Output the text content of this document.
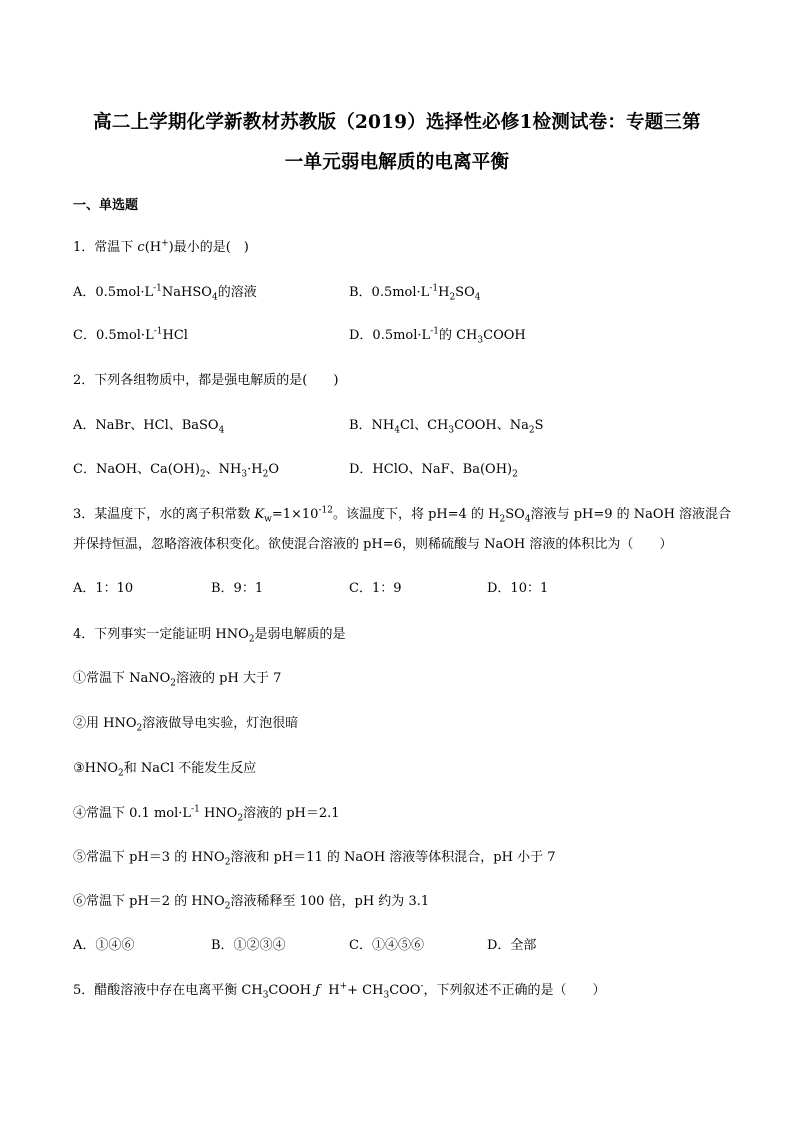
高二上学期化学新教材苏教版（2019）选择性必修1检测试卷：专题三第
一单元弱电解质的电离平衡
一、单选题
1．常温下 c(H+)最小的是(　)
A．$0.5mol\cdot L^{-1}NaHSO_4$的溶液	B．$0.5mol\cdot L^{-1}H_2SO_4$
C．$0.5mol\cdot L^{-1}HCl$	D．$0.5mol\cdot L^{-1}$的 $CH_3COOH$
2．下列各组物质中，都是强电解质的是(　　)
A．NaBr、HCl、BaSO$_4$	B．$NH_4Cl$、$CH_3COOH$、$Na_2S$
C．NaOH、$Ca(OH)_2$、$NH_3\cdot H_2O$	D．HClO、NaF、$Ba(OH)_2$
3．某温度下，水的离子积常数 $K_w=1\times 10^{-12}$。该温度下，将 pH=4 的 $H_2SO_4$溶液与 pH=9 的 NaOH 溶液混合
并保持恒温，忽略溶液体积变化。欲使混合溶液的 pH=6，则稀硫酸与 NaOH 溶液的体积比为（　　）
A．1：10	B．9：1	C．1：9	D．10：1
4．下列事实一定能证明 $HNO_2$是弱电解质的是
①常温下 NaNO$_2$溶液的 pH 大于 7
②用 $HNO_2$溶液做导电实验，灯泡很暗
$③HNO_2$和 NaCl 不能发生反应
④常温下 0.1 $mol\cdot L^{-1}$ $HNO_2$溶液的 pH＝2.1
⑤常温下 pH＝3 的 $HNO_2$溶液和 pH＝11 的 NaOH 溶液等体积混合，pH 小于 7
⑥常温下 pH＝2 的 $HNO_2$溶液稀释至 100 倍，pH 约为 3.1
A．①④⑥	B．①②③④	C．①④⑤⑥	D．全部
5．醋酸溶液中存在电离平衡 $CH_3COOH$ ƒ $H^++ CH_3COO^-$，下列叙述不正确的是（　　）
